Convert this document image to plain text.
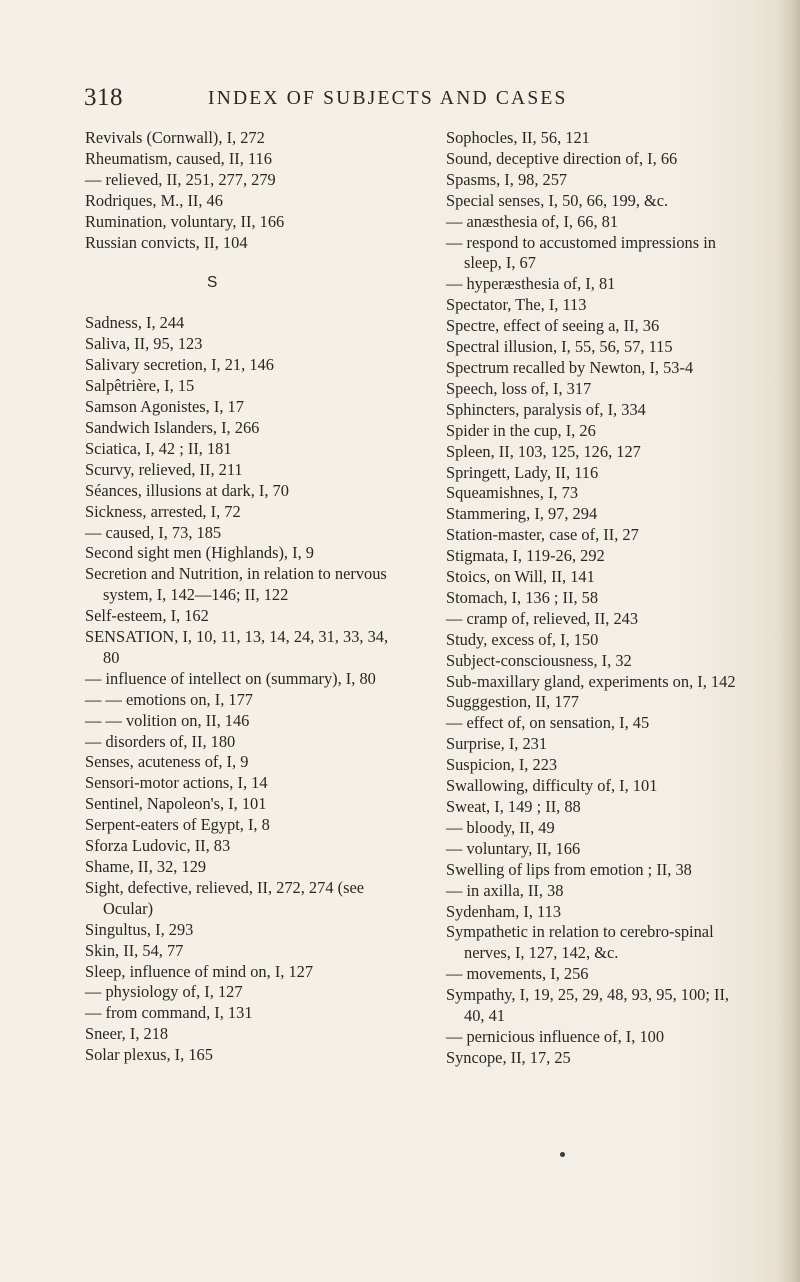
318	INDEX OF SUBJECTS AND CASES
Revivals (Cornwall), I, 272
Rheumatism, caused, II, 116
— relieved, II, 251, 277, 279
Rodriques, M., II, 46
Rumination, voluntary, II, 166
Russian convicts, II, 104
S
Sadness, I, 244
Saliva, II, 95, 123
Salivary secretion, I, 21, 146
Salpêtrière, I, 15
Samson Agonistes, I, 17
Sandwich Islanders, I, 266
Sciatica, I, 42 ; II, 181
Scurvy, relieved, II, 211
Séances, illusions at dark, I, 70
Sickness, arrested, I, 72
— caused, I, 73, 185
Second sight men (Highlands), I, 9
Secretion and Nutrition, in relation to nervous system, I, 142—146; II, 122
Self-esteem, I, 162
SENSATION, I, 10, 11, 13, 14, 24, 31, 33, 34, 80
— influence of intellect on (summary), I, 80
— — emotions on, I, 177
— — volition on, II, 146
— disorders of, II, 180
Senses, acuteness of, I, 9
Sensori-motor actions, I, 14
Sentinel, Napoleon's, I, 101
Serpent-eaters of Egypt, I, 8
Sforza Ludovic, II, 83
Shame, II, 32, 129
Sight, defective, relieved, II, 272, 274 (see Ocular)
Singultus, I, 293
Skin, II, 54, 77
Sleep, influence of mind on, I, 127
— physiology of, I, 127
— from command, I, 131
Sneer, I, 218
Solar plexus, I, 165
Sophocles, II, 56, 121
Sound, deceptive direction of, I, 66
Spasms, I, 98, 257
Special senses, I, 50, 66, 199, &c.
— anæsthesia of, I, 66, 81
— respond to accustomed impressions in sleep, I, 67
— hyperæsthesia of, I, 81
Spectator, The, I, 113
Spectre, effect of seeing a, II, 36
Spectral illusion, I, 55, 56, 57, 115
Spectrum recalled by Newton, I, 53-4
Speech, loss of, I, 317
Sphincters, paralysis of, I, 334
Spider in the cup, I, 26
Spleen, II, 103, 125, 126, 127
Springett, Lady, II, 116
Squeamishnes, I, 73
Stammering, I, 97, 294
Station-master, case of, II, 27
Stigmata, I, 119-26, 292
Stoics, on Will, II, 141
Stomach, I, 136 ; II, 58
— cramp of, relieved, II, 243
Study, excess of, I, 150
Subject-consciousness, I, 32
Sub-maxillary gland, experiments on, I, 142
Sugggestion, II, 177
— effect of, on sensation, I, 45
Surprise, I, 231
Suspicion, I, 223
Swallowing, difficulty of, I, 101
Sweat, I, 149 ; II, 88
— bloody, II, 49
— voluntary, II, 166
Swelling of lips from emotion ; II, 38
— in axilla, II, 38
Sydenham, I, 113
Sympathetic in relation to cerebro-spinal nerves, I, 127, 142, &c.
— movements, I, 256
Sympathy, I, 19, 25, 29, 48, 93, 95, 100; II, 40, 41
— pernicious influence of, I, 100
Syncope, II, 17, 25
